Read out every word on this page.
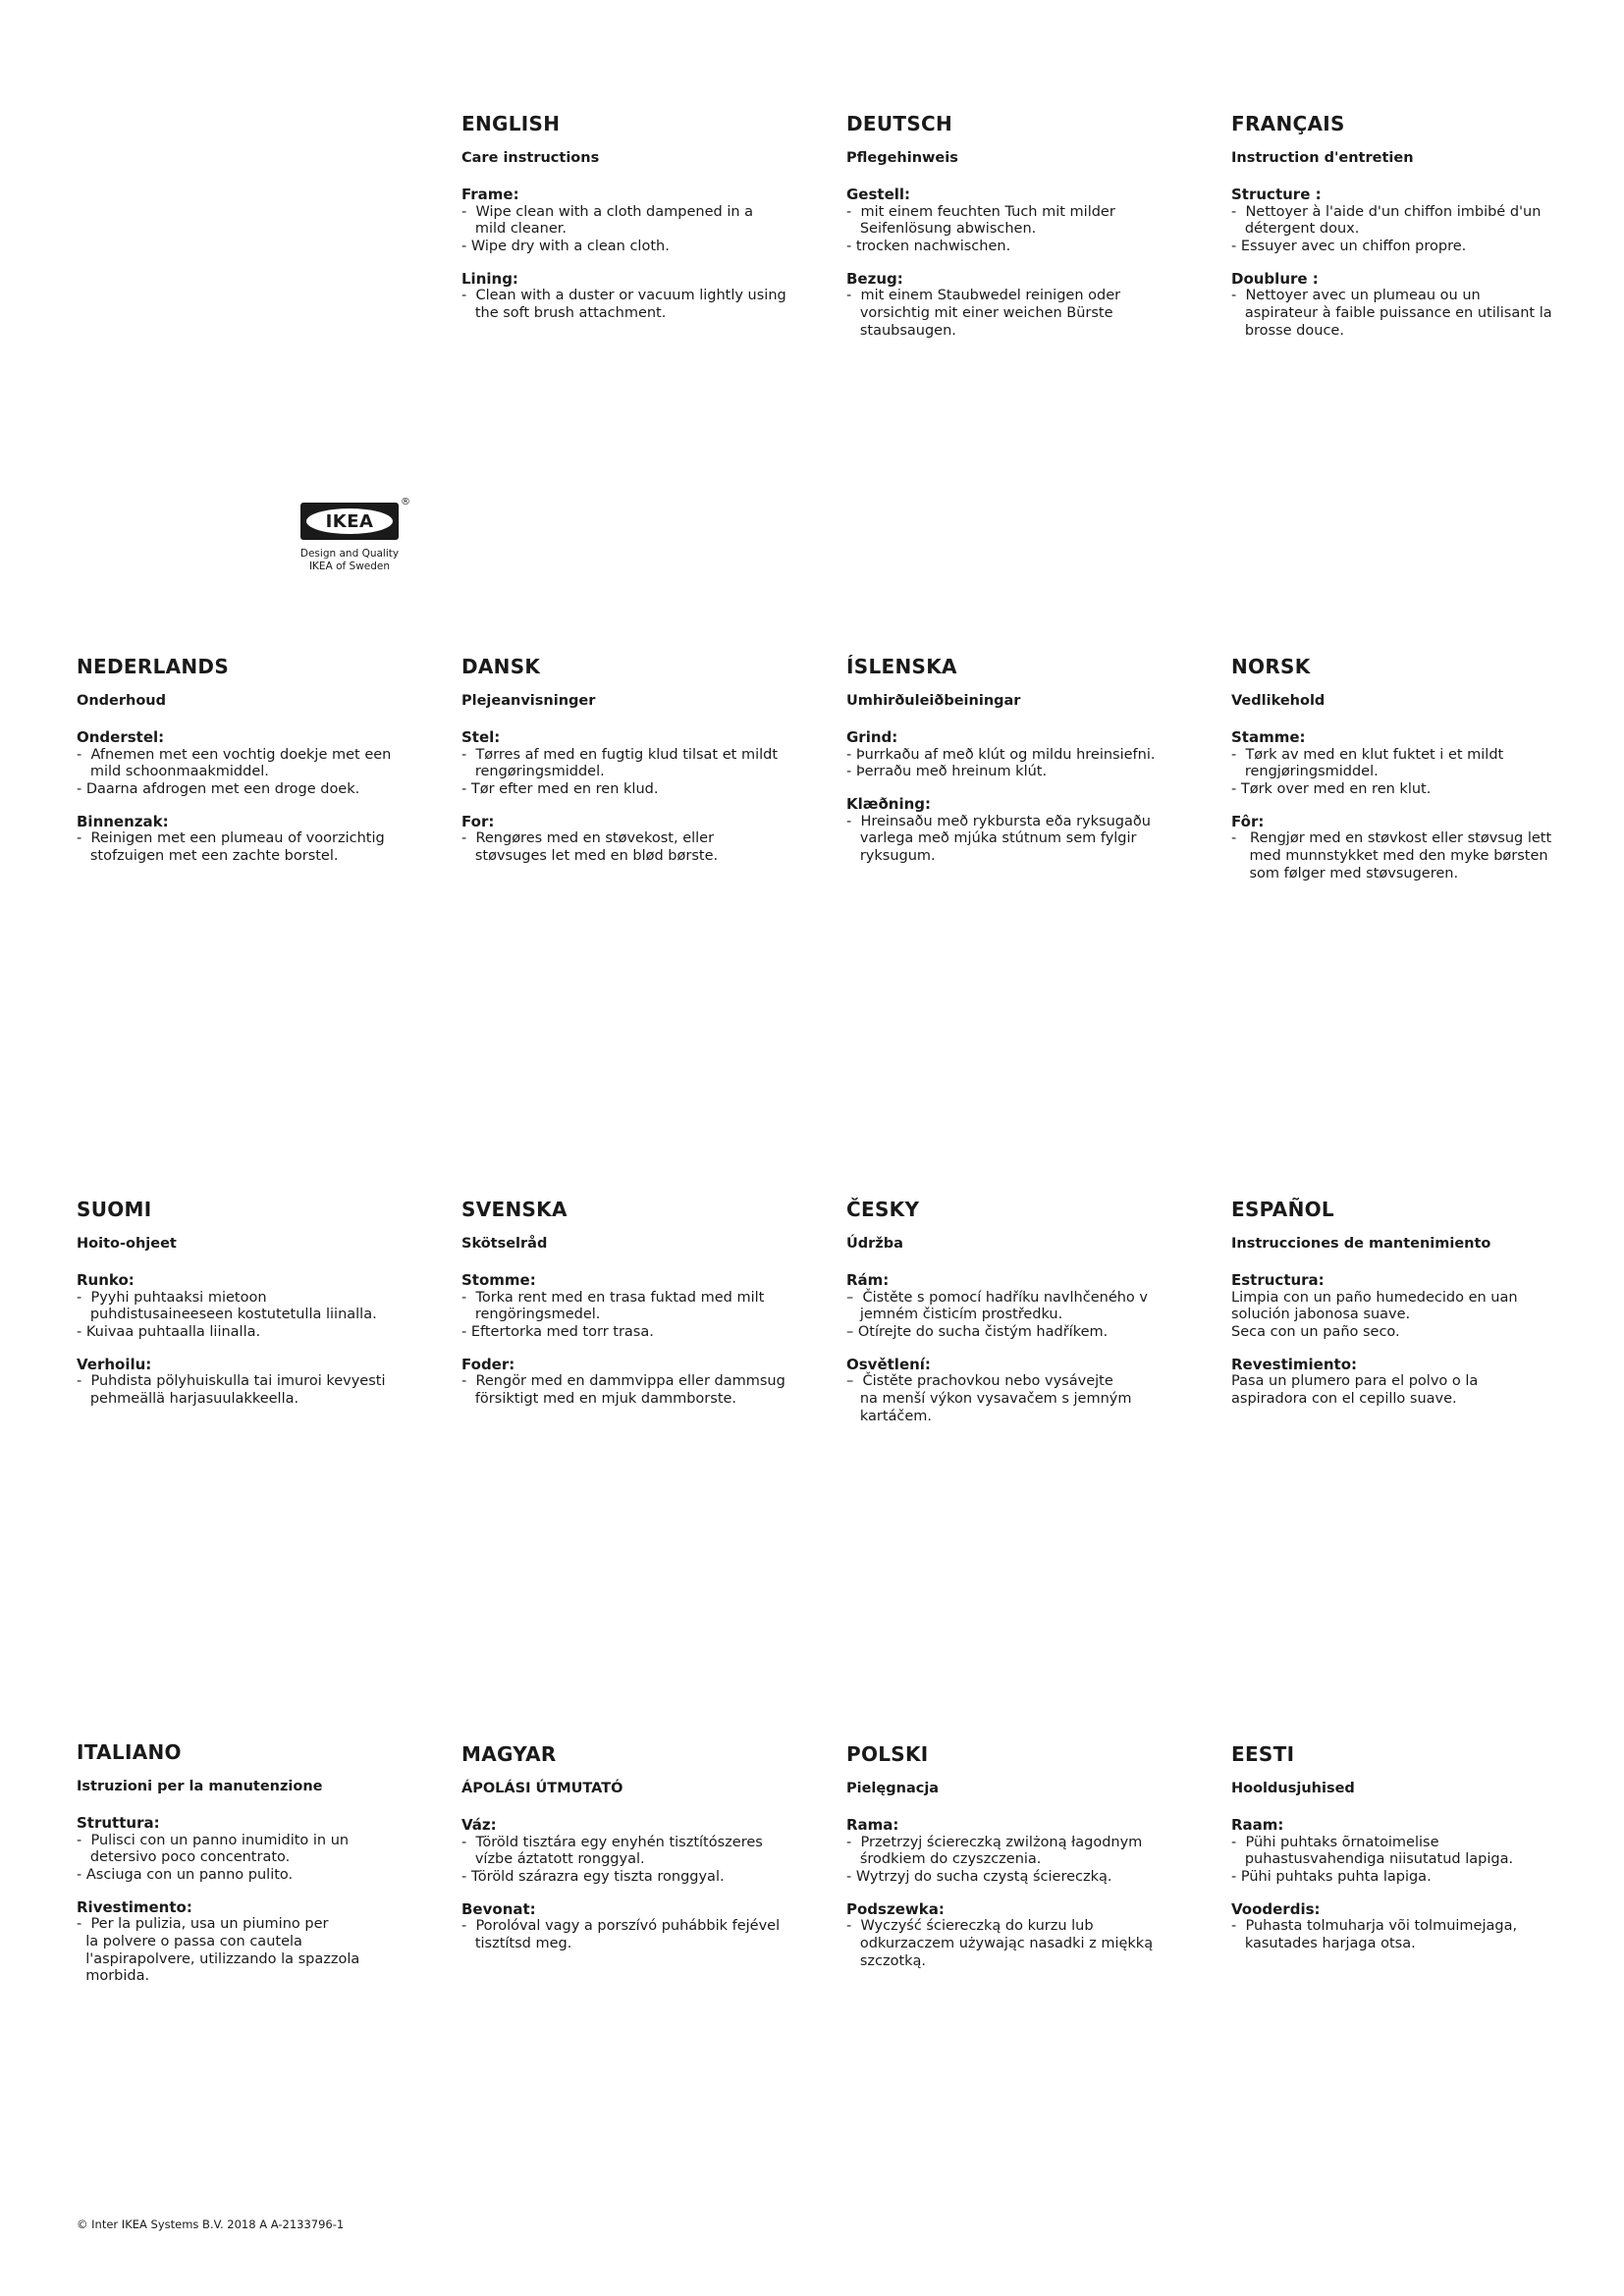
ENGLISH
Care instructions
Frame:
-  Wipe clean with a cloth dampened in a
mild cleaner.
- Wipe dry with a clean cloth.
Lining:
-  Clean with a duster or vacuum lightly using
the soft brush attachment.
DEUTSCH
Pflegehinweis
Gestell:
-  mit einem feuchten Tuch mit milder
Seifenlösung abwischen.
- trocken nachwischen.
Bezug:
-  mit einem Staubwedel reinigen oder
vorsichtig mit einer weichen Bürste
staubsaugen.
FRANÇAIS
Instruction d'entretien
Structure :
-  Nettoyer à l'aide d'un chiffon imbibé d'un
détergent doux.
- Essuyer avec un chiffon propre.
Doublure :
-  Nettoyer avec un plumeau ou un
aspirateur à faible puissance en utilisant la
brosse douce.
IKEA
®
Design and Quality
IKEA of Sweden
NEDERLANDS
Onderhoud
Onderstel:
-  Afnemen met een vochtig doekje met een
mild schoonmaakmiddel.
- Daarna afdrogen met een droge doek.
Binnenzak:
-  Reinigen met een plumeau of voorzichtig
stofzuigen met een zachte borstel.
DANSK
Plejeanvisninger
Stel:
-  Tørres af med en fugtig klud tilsat et mildt
rengøringsmiddel.
- Tør efter med en ren klud.
For:
-  Rengøres med en støvekost, eller
støvsuges let med en blød børste.
ÍSLENSKA
Umhirðuleiðbeiningar
Grind:
- Þurrkaðu af með klút og mildu hreinsiefni.
- Þerraðu með hreinum klút.
Klæðning:
-  Hreinsaðu með rykbursta eða ryksugaðu
varlega með mjúka stútnum sem fylgir
ryksugum.
NORSK
Vedlikehold
Stamme:
-  Tørk av med en klut fuktet i et mildt
rengjøringsmiddel.
- Tørk over med en ren klut.
Fôr:
-   Rengjør med en støvkost eller støvsug lett
med munnstykket med den myke børsten
som følger med støvsugeren.
SUOMI
Hoito-ohjeet
Runko:
-  Pyyhi puhtaaksi mietoon
puhdistusaineeseen kostutetulla liinalla.
- Kuivaa puhtaalla liinalla.
Verhoilu:
-  Puhdista pölyhuiskulla tai imuroi kevyesti
pehmeällä harjasuulakkeella.
SVENSKA
Skötselråd
Stomme:
-  Torka rent med en trasa fuktad med milt
rengöringsmedel.
- Eftertorka med torr trasa.
Foder:
-  Rengör med en dammvippa eller dammsug
försiktigt med en mjuk dammborste.
ČESKY
Údržba
Rám:
–  Čistěte s pomocí hadříku navlhčeného v
jemném čisticím prostředku.
– Otírejte do sucha čistým hadříkem.
Osvětlení:
–  Čistěte prachovkou nebo vysávejte
na menší výkon vysavačem s jemným
kartáčem.
ESPAÑOL
Instrucciones de mantenimiento
Estructura:
Limpia con un paño humedecido en uan
solución jabonosa suave.
Seca con un paño seco.
Revestimiento:
Pasa un plumero para el polvo o la
aspiradora con el cepillo suave.
ITALIANO
Istruzioni per la manutenzione
Struttura:
-  Pulisci con un panno inumidito in un
detersivo poco concentrato.
- Asciuga con un panno pulito.
Rivestimento:
-  Per la pulizia, usa un piumino per
la polvere o passa con cautela
l'aspirapolvere, utilizzando la spazzola
morbida.
MAGYAR
ÁPOLÁSI ÚTMUTATÓ
Váz:
-  Töröld tisztára egy enyhén tisztítószeres
vízbe áztatott ronggyal.
- Töröld szárazra egy tiszta ronggyal.
Bevonat:
-  Porolóval vagy a porszívó puhábbik fejével
tisztítsd meg.
POLSKI
Pielęgnacja
Rama:
-  Przetrzyj ściereczką zwilżoną łagodnym
środkiem do czyszczenia.
- Wytrzyj do sucha czystą ściereczką.
Podszewka:
-  Wyczyść ściereczką do kurzu lub
odkurzaczem używając nasadki z miękką
szczotką.
EESTI
Hooldusjuhised
Raam:
-  Pühi puhtaks õrnatoimelise
puhastusvahendiga niisutatud lapiga.
- Pühi puhtaks puhta lapiga.
Vooderdis:
-  Puhasta tolmuharja või tolmuimejaga,
kasutades harjaga otsa.
© Inter IKEA Systems B.V. 2018 A A-2133796-1
